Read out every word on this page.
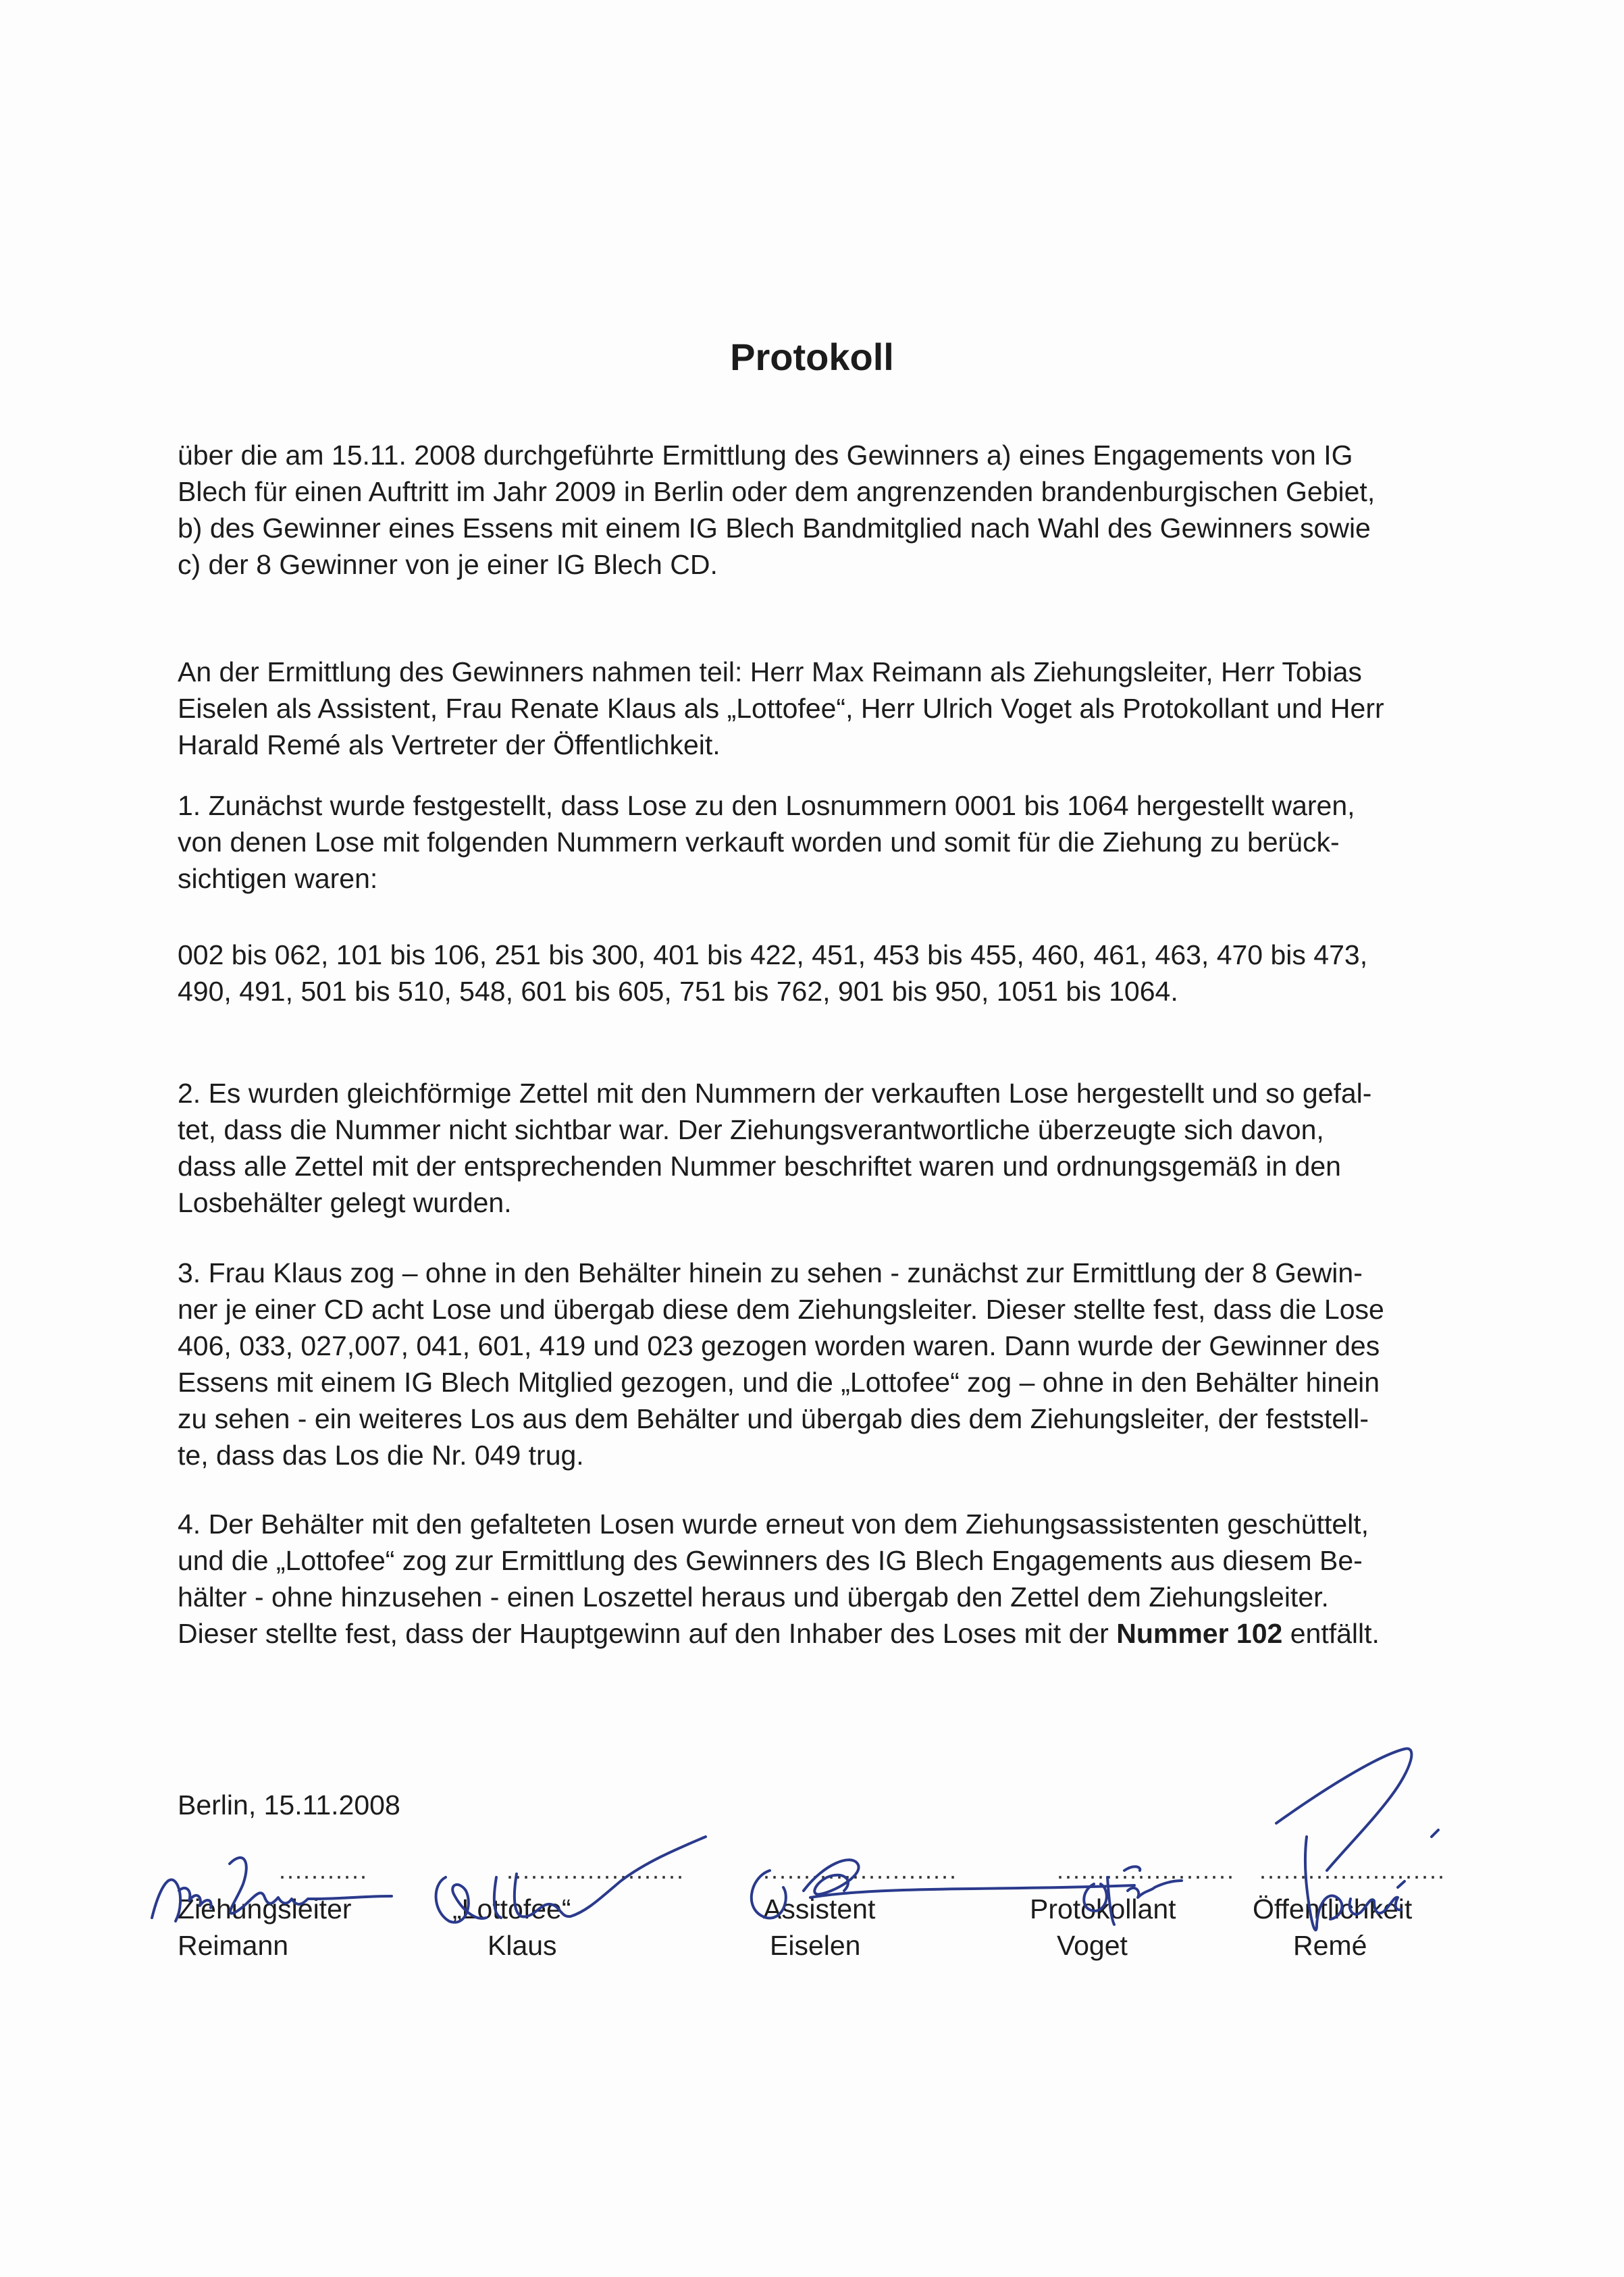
Protokoll

über die am 15.11. 2008 durchgeführte Ermittlung des Gewinners a) eines Engagements von IG
Blech für einen Auftritt im Jahr 2009 in Berlin oder dem angrenzenden brandenburgischen Gebiet,
b) des Gewinner eines Essens mit einem IG Blech Bandmitglied nach Wahl des Gewinners sowie
c) der 8 Gewinner von je einer IG Blech CD.

An der Ermittlung des Gewinners nahmen teil: Herr Max Reimann als Ziehungsleiter, Herr Tobias
Eiselen als Assistent, Frau Renate Klaus als „Lottofee“, Herr Ulrich Voget als Protokollant und Herr
Harald Remé als Vertreter der Öffentlichkeit.

1. Zunächst wurde festgestellt, dass Lose zu den Losnummern 0001 bis 1064 hergestellt waren,
von denen Lose mit folgenden Nummern verkauft worden und somit für die Ziehung zu berück-
sichtigen waren:

002 bis 062, 101 bis 106, 251 bis 300, 401 bis 422, 451, 453 bis 455, 460, 461, 463, 470 bis 473,
490, 491, 501 bis 510, 548, 601 bis 605, 751 bis 762, 901 bis 950, 1051 bis 1064.

2. Es wurden gleichförmige Zettel mit den Nummern der verkauften Lose hergestellt und so gefal-
tet, dass die Nummer nicht sichtbar war. Der Ziehungsverantwortliche überzeugte sich davon,
dass alle Zettel mit der entsprechenden Nummer beschriftet waren und ordnungsgemäß in den
Losbehälter gelegt wurden.

3. Frau Klaus zog – ohne in den Behälter hinein zu sehen - zunächst zur Ermittlung der 8 Gewin-
ner je einer CD acht Lose und übergab diese dem Ziehungsleiter. Dieser stellte fest, dass die Lose
406, 033, 027,007, 041, 601, 419 und 023 gezogen worden waren. Dann wurde der Gewinner des
Essens mit einem IG Blech Mitglied gezogen, und die „Lottofee“ zog – ohne in den Behälter hinein
zu sehen - ein weiteres Los aus dem Behälter und übergab dies dem Ziehungsleiter, der feststell-
te, dass das Los die Nr. 049 trug.

4. Der Behälter mit den gefalteten Losen wurde erneut von dem Ziehungsassistenten geschüttelt,
und die „Lottofee“ zog zur Ermittlung des Gewinners des IG Blech Engagements aus diesem Be-
hälter - ohne hinzusehen - einen Loszettel heraus und übergab den Zettel dem Ziehungsleiter.
Dieser stellte fest, dass der Hauptgewinn auf den Inhaber des Loses mit der Nummer 102 entfällt.

Berlin, 15.11.2008

...........
Ziehungsleiter
Reimann
......................
„Lottofee“
Klaus
........................
Assistent
Eiselen
......................
Protokollant
Voget
.......................
Öffentlichkeit
Remé
